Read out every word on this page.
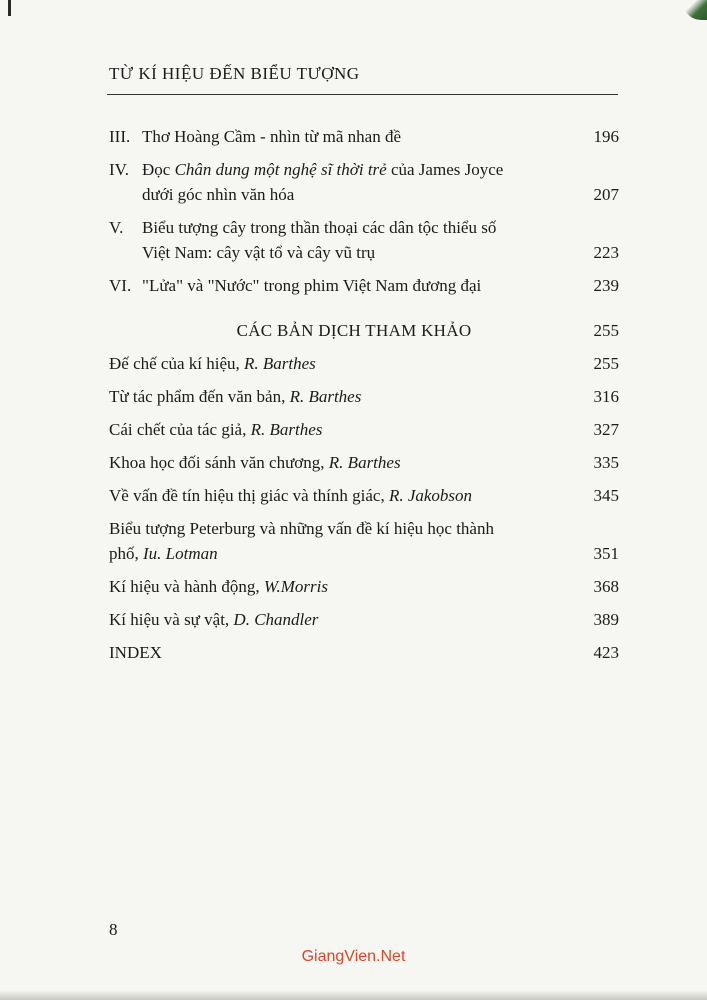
TỪ KÍ HIỆU ĐẾN BIỂU TƯỢNG
III. Thơ Hoàng Cầm - nhìn từ mã nhan đề	196
IV. Đọc Chân dung một nghệ sĩ thời trẻ của James Joyce
dưới góc nhìn văn hóa	207
V.	Biểu tượng cây trong thần thoại các dân tộc thiểu số
Việt Nam: cây vật tổ và cây vũ trụ	223
VI. "Lửa" và "Nước" trong phim Việt Nam đương đại	239
CÁC BẢN DỊCH THAM KHẢO	255
Đế chế của kí hiệu, R. Barthes	255
Từ tác phẩm đến văn bản, R. Barthes	316
Cái chết của tác giả, R. Barthes	327
Khoa học đối sánh văn chương, R. Barthes	335
Về vấn đề tín hiệu thị giác và thính giác, R. Jakobson	345
Biểu tượng Peterburg và những vấn đề kí hiệu học thành
phố, Iu. Lotman	351
Kí hiệu và hành động, W.Morris	368
Kí hiệu và sự vật, D. Chandler	389
INDEX	423
8
GiangVien.Net
